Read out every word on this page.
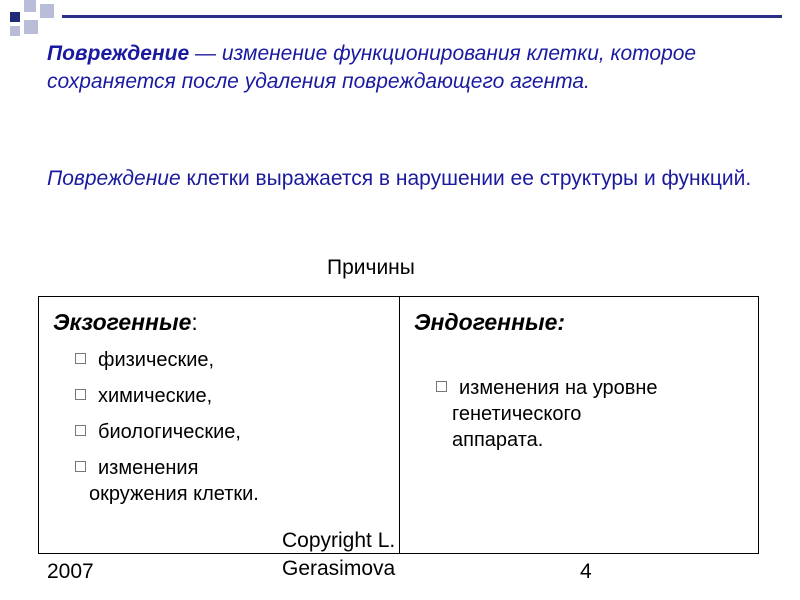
Повреждение — изменение функционирования клетки, которое сохраняется после удаления повреждающего агента.

Повреждение клетки выражается в нарушении ее структуры и функций.

Причины

Экзогенные:
физические,
химические,
биологические,
изменения
окружения клетки.
Эндогенные:
изменения на уровне
генетического
аппарата.
2007
Copyright L.
Gerasimova	4
